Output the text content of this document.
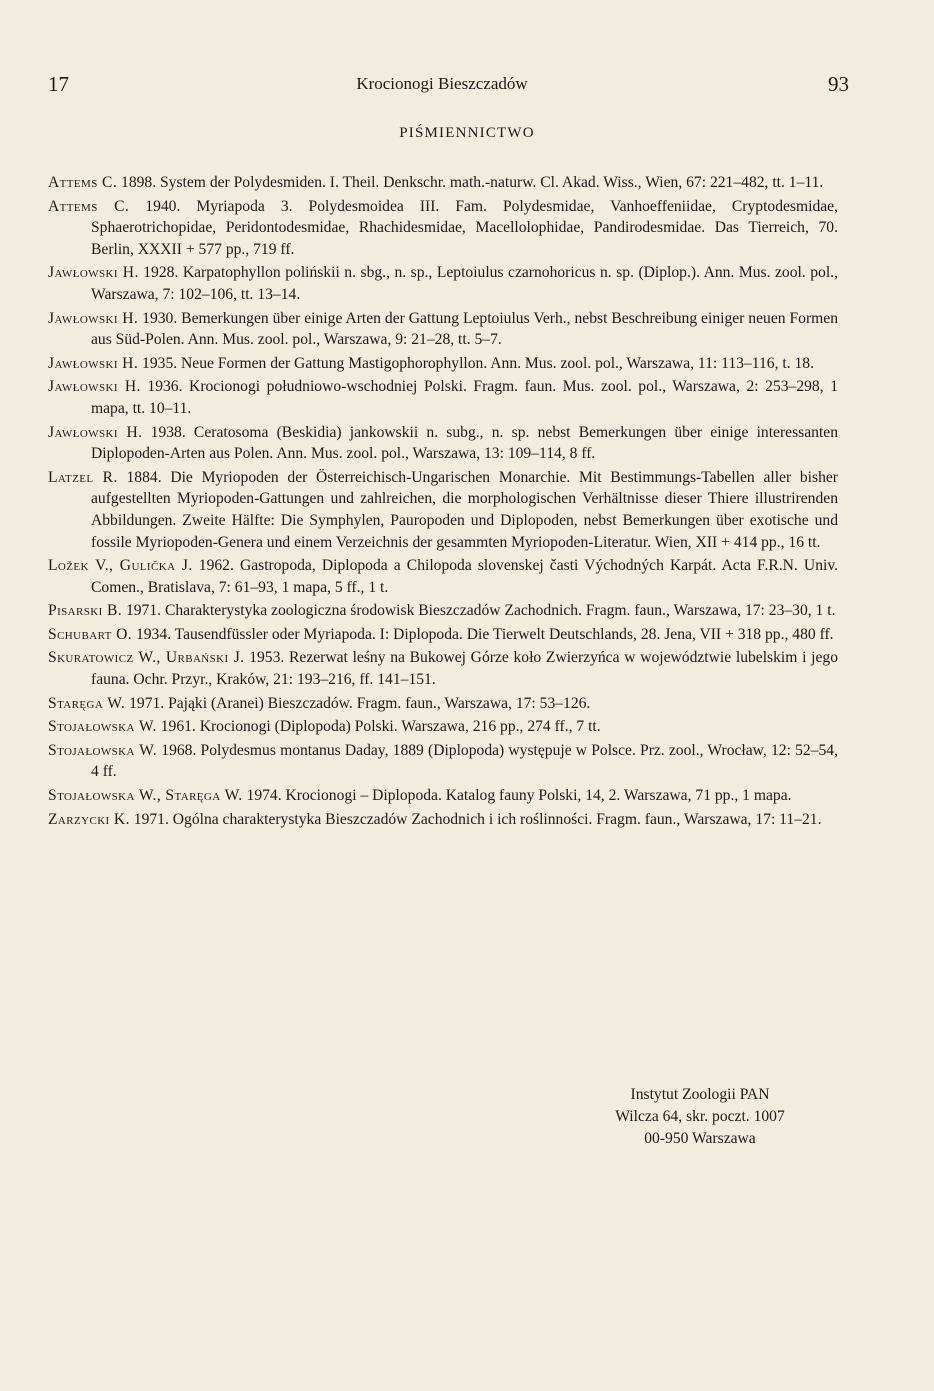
17	Krocionogi Bieszczadów	93
PIŚMIENNICTWO

Attems C. 1898. System der Polydesmiden. I. Theil. Denkschr. math.-naturw. Cl. Akad. Wiss., Wien, 67: 221–482, tt. 1–11.

Attems C. 1940. Myriapoda 3. Polydesmoidea III. Fam. Polydesmidae, Vanhoeffeniidae, Cryptodesmidae, Sphaerotrichopidae, Peridontodesmidae, Rhachidesmidae, Macellolophidae, Pandirodesmidae. Das Tierreich, 70. Berlin, XXXII + 577 pp., 719 ff.

Jawłowski H. 1928. Karpatophyllon polińskii n. sbg., n. sp., Leptoiulus czarnohoricus n. sp. (Diplop.). Ann. Mus. zool. pol., Warszawa, 7: 102–106, tt. 13–14.

Jawłowski H. 1930. Bemerkungen über einige Arten der Gattung Leptoiulus Verh., nebst Beschreibung einiger neuen Formen aus Süd-Polen. Ann. Mus. zool. pol., Warszawa, 9: 21–28, tt. 5–7.

Jawłowski H. 1935. Neue Formen der Gattung Mastigophorophyllon. Ann. Mus. zool. pol., Warszawa, 11: 113–116, t. 18.

Jawłowski H. 1936. Krocionogi południowo-wschodniej Polski. Fragm. faun. Mus. zool. pol., Warszawa, 2: 253–298, 1 mapa, tt. 10–11.

Jawłowski H. 1938. Ceratosoma (Beskidia) jankowskii n. subg., n. sp. nebst Bemerkungen über einige interessanten Diplopoden-Arten aus Polen. Ann. Mus. zool. pol., Warszawa, 13: 109–114, 8 ff.

Latzel R. 1884. Die Myriopoden der Österreichisch-Ungarischen Monarchie. Mit Bestimmungs-Tabellen aller bisher aufgestellten Myriopoden-Gattungen und zahlreichen, die morphologischen Verhältnisse dieser Thiere illustrirenden Abbildungen. Zweite Hälfte: Die Symphylen, Pauropoden und Diplopoden, nebst Bemerkungen über exotische und fossile Myriopoden-Genera und einem Verzeichnis der gesammten Myriopoden-Literatur. Wien, XII + 414 pp., 16 tt.

Ložek V., Gulička J. 1962. Gastropoda, Diplopoda a Chilopoda slovenskej časti Východných Karpát. Acta F.R.N. Univ. Comen., Bratislava, 7: 61–93, 1 mapa, 5 ff., 1 t.

Pisarski B. 1971. Charakterystyka zoologiczna środowisk Bieszczadów Zachodnich. Fragm. faun., Warszawa, 17: 23–30, 1 t.

Schubart O. 1934. Tausendfüssler oder Myriapoda. I: Diplopoda. Die Tierwelt Deutschlands, 28. Jena, VII + 318 pp., 480 ff.

Skuratowicz W., Urbański J. 1953. Rezerwat leśny na Bukowej Górze koło Zwierzyńca w województwie lubelskim i jego fauna. Ochr. Przyr., Kraków, 21: 193–216, ff. 141–151.

Staręga W. 1971. Pająki (Aranei) Bieszczadów. Fragm. faun., Warszawa, 17: 53–126.

Stojałowska W. 1961. Krocionogi (Diplopoda) Polski. Warszawa, 216 pp., 274 ff., 7 tt.

Stojałowska W. 1968. Polydesmus montanus Daday, 1889 (Diplopoda) występuje w Polsce. Prz. zool., Wrocław, 12: 52–54, 4 ff.

Stojałowska W., Staręga W. 1974. Krocionogi – Diplopoda. Katalog fauny Polski, 14, 2. Warszawa, 71 pp., 1 mapa.

Zarzycki K. 1971. Ogólna charakterystyka Bieszczadów Zachodnich i ich roślinności. Fragm. faun., Warszawa, 17: 11–21.

Instytut Zoologii PAN
Wilcza 64, skr. poczt. 1007
00-950 Warszawa
